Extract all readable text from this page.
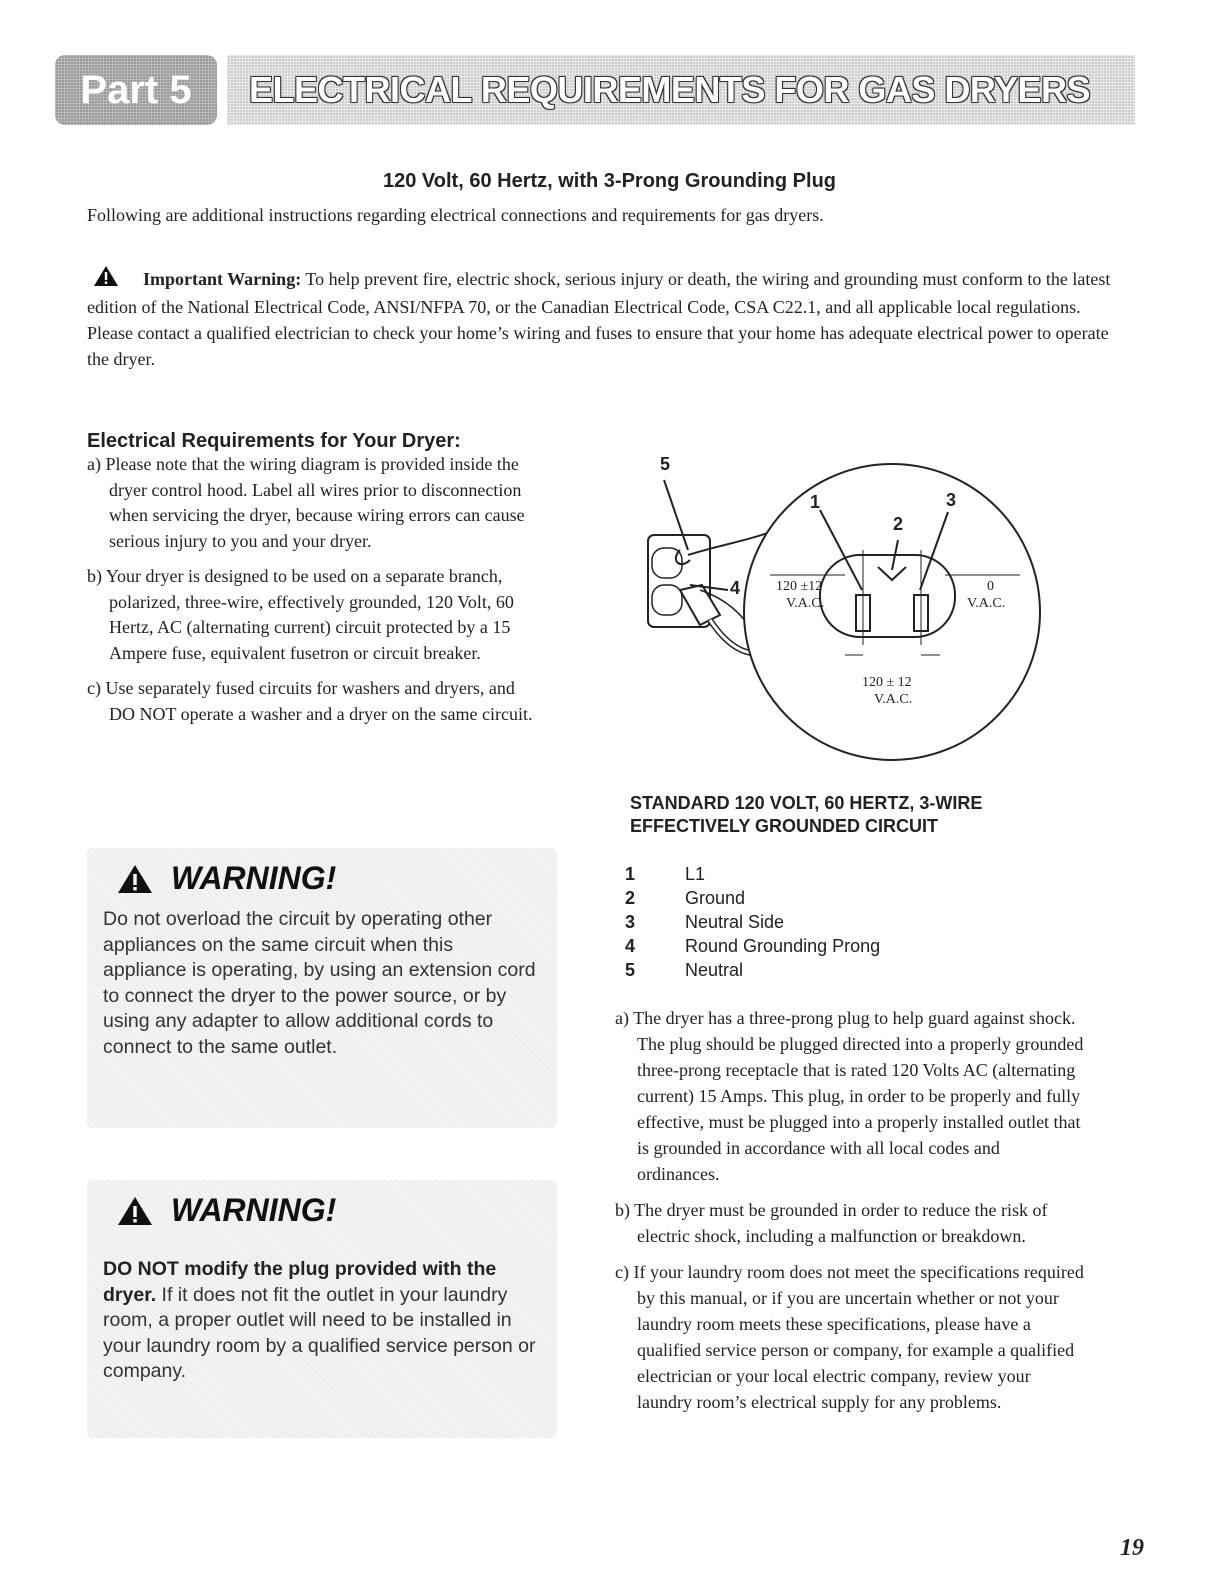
Part 5	ELECTRICAL REQUIREMENTS FOR GAS DRYERS
120 Volt, 60 Hertz, with 3-Prong Grounding Plug
Following are additional instructions regarding electrical connections and requirements for gas dryers.
Important Warning: To help prevent fire, electric shock, serious injury or death, the wiring and grounding must conform to the latest edition of the National Electrical Code, ANSI/NFPA 70, or the Canadian Electrical Code, CSA C22.1, and all applicable local regulations. Please contact a qualified electrician to check your home’s wiring and fuses to ensure that your home has adequate electrical power to operate the dryer.
Electrical Requirements for Your Dryer:
a) Please note that the wiring diagram is provided inside the dryer control hood. Label all wires prior to disconnection when servicing the dryer, because wiring errors can cause serious injury to you and your dryer.
b) Your dryer is designed to be used on a separate branch, polarized, three-wire, effectively grounded, 120 Volt, 60 Hertz, AC (alternating current) circuit protected by a 15 Ampere fuse, equivalent fusetron or circuit breaker.
c) Use separately fused circuits for washers and dryers, and DO NOT operate a washer and a dryer on the same circuit.
WARNING!
Do not overload the circuit by operating other appliances on the same circuit when this appliance is operating, by using an extension cord to connect the dryer to the power source, or by using any adapter to allow additional cords to connect to the same outlet.
WARNING!
DO NOT modify the plug provided with the dryer. If it does not fit the outlet in your laundry room, a proper outlet will need to be installed in your laundry room by a qualified service person or company.
5
1
2
3
4	120 ±12
V.A.C.
0
V.A.C.
120 ± 12
V.A.C.
STANDARD 120 VOLT, 60 HERTZ, 3-WIRE
EFFECTIVELY GROUNDED CIRCUIT
1	L1
2	Ground
3	Neutral Side
4	Round Grounding Prong
5	Neutral
a) The dryer has a three-prong plug to help guard against shock. The plug should be plugged directed into a properly grounded three-prong receptacle that is rated 120 Volts AC (alternating current) 15 Amps. This plug, in order to be properly and fully effective, must be plugged into a properly installed outlet that is grounded in accordance with all local codes and ordinances.
b) The dryer must be grounded in order to reduce the risk of electric shock, including a malfunction or breakdown.
c) If your laundry room does not meet the specifications required by this manual, or if you are uncertain whether or not your laundry room meets these specifications, please have a qualified service person or company, for example a qualified electrician or your local electric company, review your laundry room’s electrical supply for any problems.
19
